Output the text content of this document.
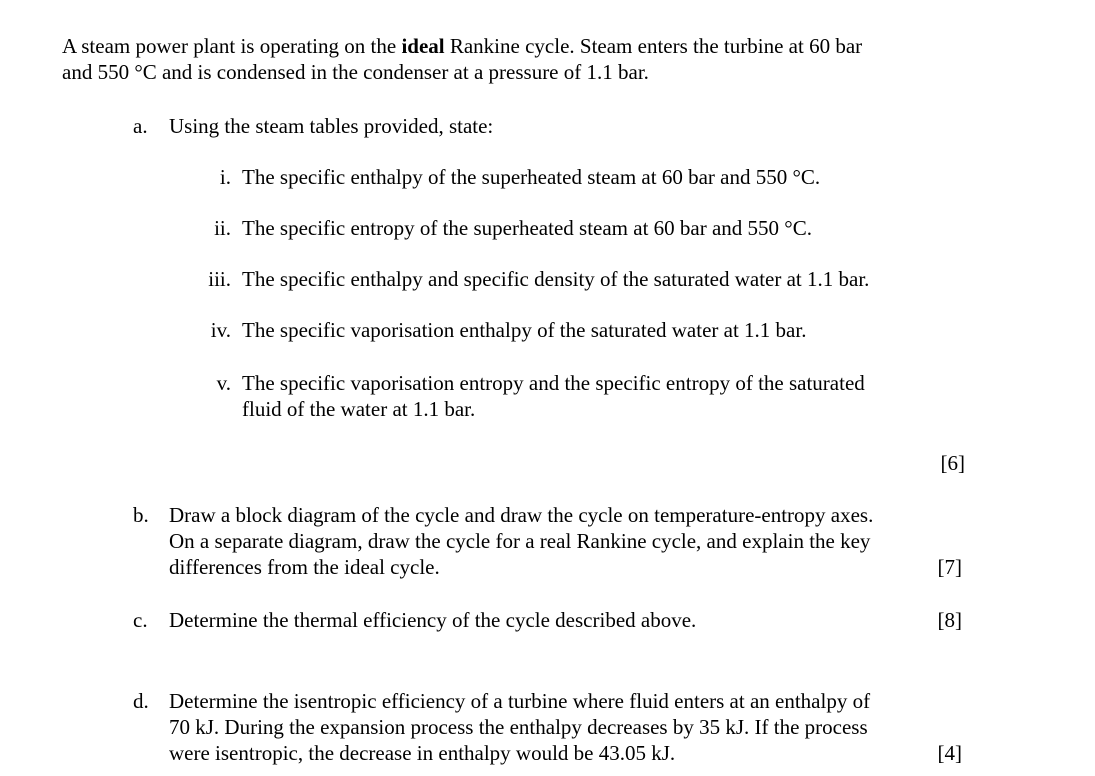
A steam power plant is operating on the ideal Rankine cycle. Steam enters the turbine at 60 bar
and 550 °C and is condensed in the condenser at a pressure of 1.1 bar.
a.	Using the steam tables provided, state:
i. The specific enthalpy of the superheated steam at 60 bar and 550 °C.
ii. The specific entropy of the superheated steam at 60 bar and 550 °C.
iii. The specific enthalpy and specific density of the saturated water at 1.1 bar.
iv. The specific vaporisation enthalpy of the saturated water at 1.1 bar.
v. The specific vaporisation entropy and the specific entropy of the saturated
fluid of the water at 1.1 bar.
[6]
b. Draw a block diagram of the cycle and draw the cycle on temperature-entropy axes.
On a separate diagram, draw the cycle for a real Rankine cycle, and explain the key
differences from the ideal cycle.	[7]
c.	Determine the thermal efficiency of the cycle described above.	[8]
d. Determine the isentropic efficiency of a turbine where fluid enters at an enthalpy of
70 kJ. During the expansion process the enthalpy decreases by 35 kJ. If the process
were isentropic, the decrease in enthalpy would be 43.05 kJ.	[4]
